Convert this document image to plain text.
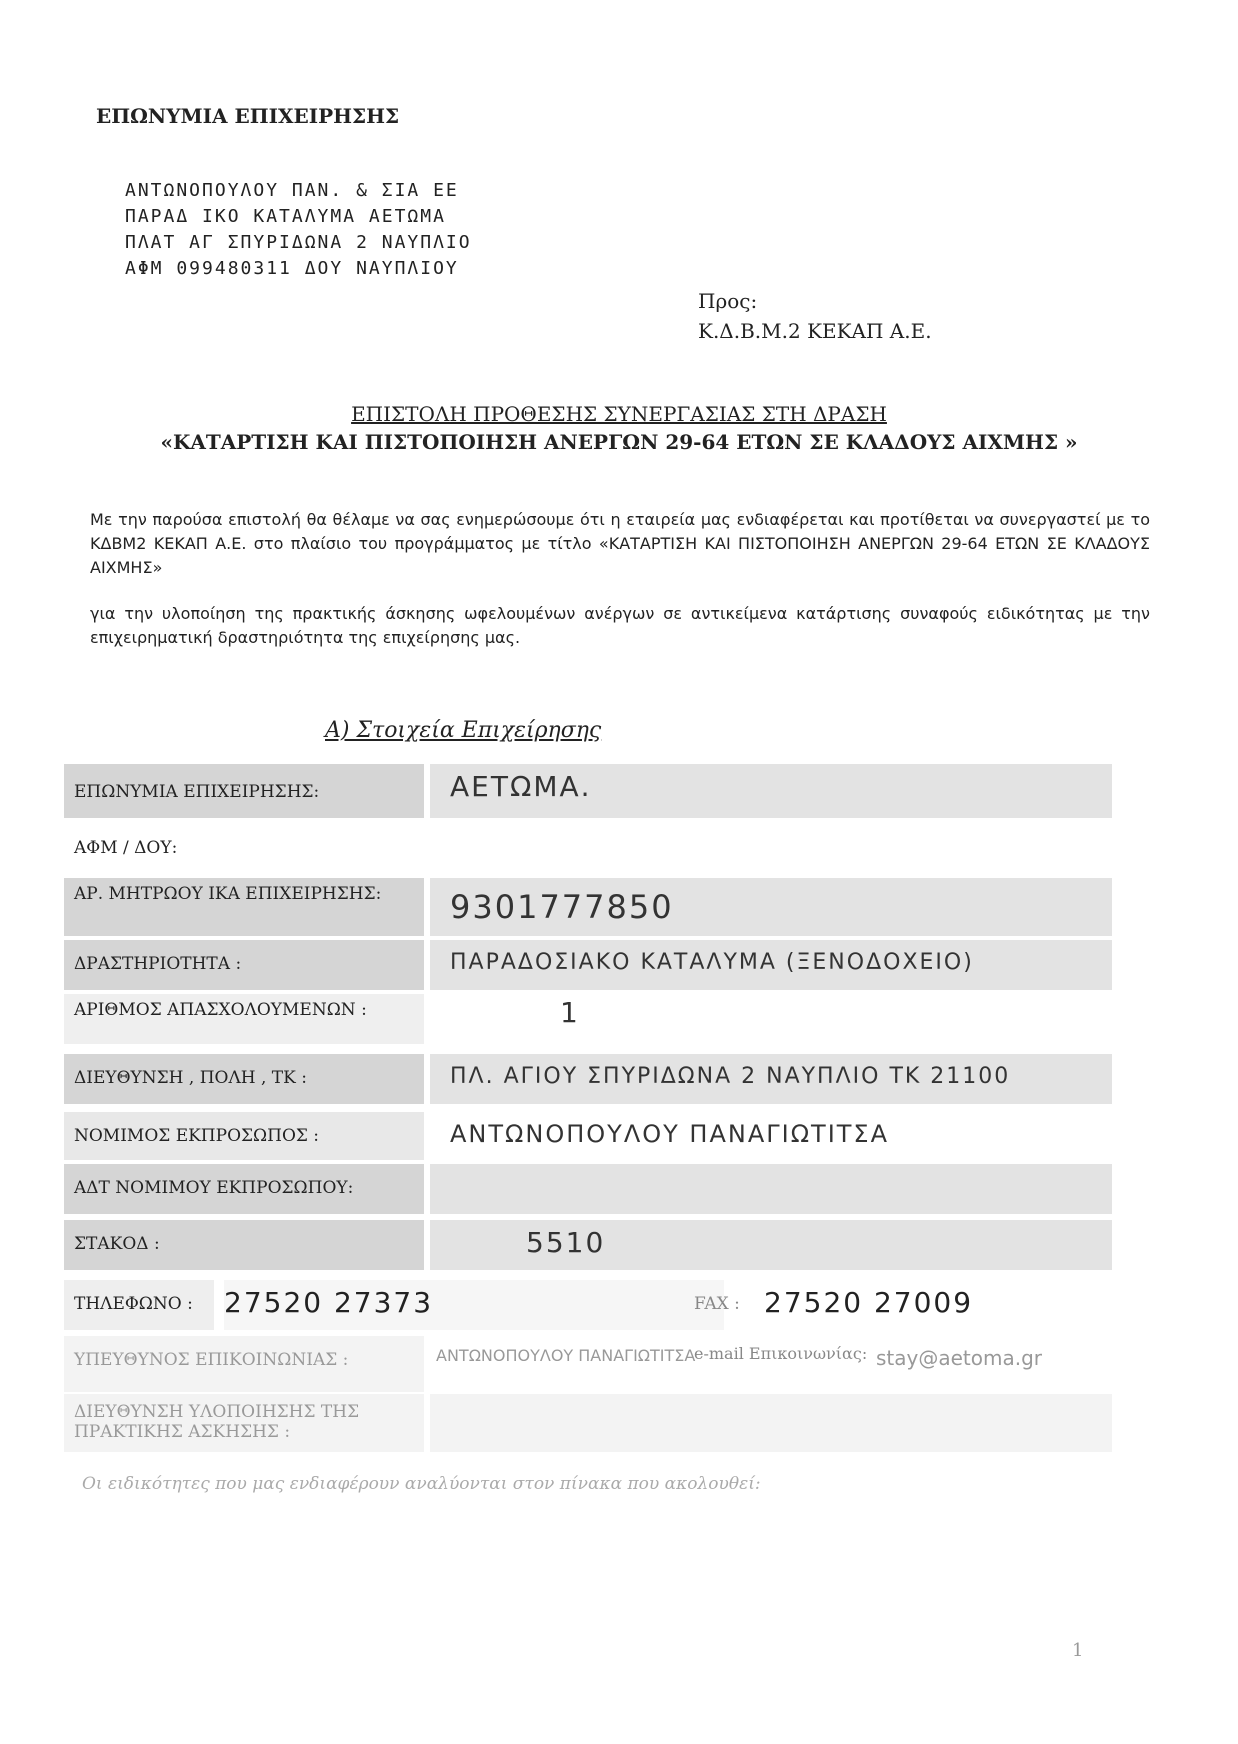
ΕΠΩΝΥΜΙΑ ΕΠΙΧΕΙΡΗΣΗΣ
ΑΝΤΩΝΟΠΟΥΛΟΥ ΠΑΝ. & ΣΙΑ ΕΕ
ΠΑΡΑΔ ΙΚΟ ΚΑΤΑΛΥΜΑ ΑΕΤΩΜΑ
ΠΛΑΤ ΑΓ ΣΠΥΡΙΔΩΝΑ 2 ΝΑΥΠΛΙΟ
ΑΦΜ 099480311 ΔΟΥ ΝΑΥΠΛΙΟΥ
Προς:
Κ.Δ.Β.Μ.2 ΚΕΚΑΠ Α.Ε.
ΕΠΙΣΤΟΛΗ ΠΡΟΘΕΣΗΣ ΣΥΝΕΡΓΑΣΙΑΣ ΣΤΗ ΔΡΑΣΗ
«ΚΑΤΑΡΤΙΣΗ ΚΑΙ ΠΙΣΤΟΠΟΙΗΣΗ ΑΝΕΡΓΩΝ 29-64 ΕΤΩΝ ΣΕ ΚΛΑΔΟΥΣ ΑΙΧΜΗΣ »
Με την παρούσα επιστολή θα θέλαμε να σας ενημερώσουμε ότι η εταιρεία μας ενδιαφέρεται και προτίθεται να συνεργαστεί με το ΚΔΒΜ2 ΚΕΚΑΠ Α.Ε. στο πλαίσιο του προγράμματος με τίτλο «ΚΑΤΑΡΤΙΣΗ ΚΑΙ ΠΙΣΤΟΠΟΙΗΣΗ ΑΝΕΡΓΩΝ 29-64 ΕΤΩΝ ΣΕ ΚΛΑΔΟΥΣ ΑΙΧΜΗΣ»
για την υλοποίηση της πρακτικής άσκησης ωφελουμένων ανέργων σε αντικείμενα κατάρτισης συναφούς ειδικότητας με την επιχειρηματική δραστηριότητα της επιχείρησης μας.
Α) Στοιχεία Επιχείρησης
ΕΠΩΝΥΜΙΑ ΕΠΙΧΕΙΡΗΣΗΣ:	ΑΕΤΩΜΑ.
ΑΦΜ / ΔΟΥ:
ΑΡ. ΜΗΤΡΩΟΥ ΙΚΑ ΕΠΙΧΕΙΡΗΣΗΣ:	9301777850
ΔΡΑΣΤΗΡΙΟΤΗΤΑ :	ΠΑΡΑΔΟΣΙΑΚΟ ΚΑΤΑΛΥΜΑ (ΞΕΝΟΔΟΧΕΙΟ)
ΑΡΙΘΜΟΣ ΑΠΑΣΧΟΛΟΥΜΕΝΩΝ :	1
ΔΙΕΥΘΥΝΣΗ , ΠΟΛΗ , ΤΚ :	ΠΛ. ΑΓΙΟΥ ΣΠΥΡΙΔΩΝΑ 2 ΝΑΥΠΛΙΟ ΤΚ 21100
ΝΟΜΙΜΟΣ ΕΚΠΡΟΣΩΠΟΣ :	ΑΝΤΩΝΟΠΟΥΛΟΥ ΠΑΝΑΓΙΩΤΙΤΣΑ
ΑΔΤ ΝΟΜΙΜΟΥ ΕΚΠΡΟΣΩΠΟΥ:
ΣΤΑΚΟΔ :	5510
ΤΗΛΕΦΩΝΟ :	27520 27373	FAX : 27520 27009
ΥΠΕΥΘΥΝΟΣ ΕΠΙΚΟΙΝΩΝΙΑΣ :	ΑΝΤΩΝΟΠΟΥΛΟΥ ΠΑΝΑΓΙΩΤΙΤΣΑ
e-mail Επικοινωνίας: stay@aetoma.gr
ΔΙΕΥΘΥΝΣΗ ΥΛΟΠΟΙΗΣΗΣ ΤΗΣ ΠΡΑΚΤΙΚΗΣ ΑΣΚΗΣΗΣ :
Οι ειδικότητες που μας ενδιαφέρουν αναλύονται στον πίνακα που ακολουθεί:
1
